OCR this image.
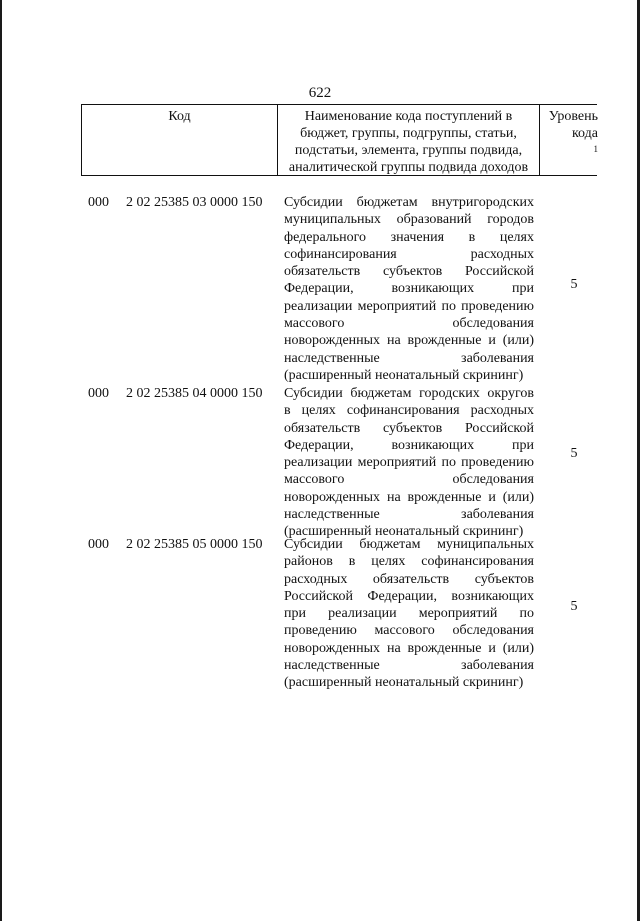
622
Код	Наименование кода поступлений в
бюджет, группы, подгруппы, статьи,
подстатьи, элемента, группы подвида,
аналитической группы подвида доходов
Уровень
кода
$^1$
000 2 02 25385 03 0000 150 Субсидии бюджетам внутригородских
муниципальных образований городов
федерального значения в целях
софинансирования расходных
обязательств субъектов Российской
Федерации, возникающих при
реализации мероприятий по проведению
массового обследования
новорожденных на врожденные и (или)
наследственные заболевания
(расширенный неонатальный скрининг)
5
000 2 02 25385 04 0000 150 Субсидии бюджетам городских округов
в целях софинансирования расходных
обязательств субъектов Российской
Федерации, возникающих при
реализации мероприятий по проведению
массового обследования
новорожденных на врожденные и (или)
наследственные заболевания
(расширенный неонатальный скрининг)
5
000 2 02 25385 05 0000 150 Субсидии бюджетам муниципальных
районов в целях софинансирования
расходных обязательств субъектов
Российской Федерации, возникающих
при реализации мероприятий по
проведению массового обследования
новорожденных на врожденные и (или)
наследственные заболевания
(расширенный неонатальный скрининг)
5
